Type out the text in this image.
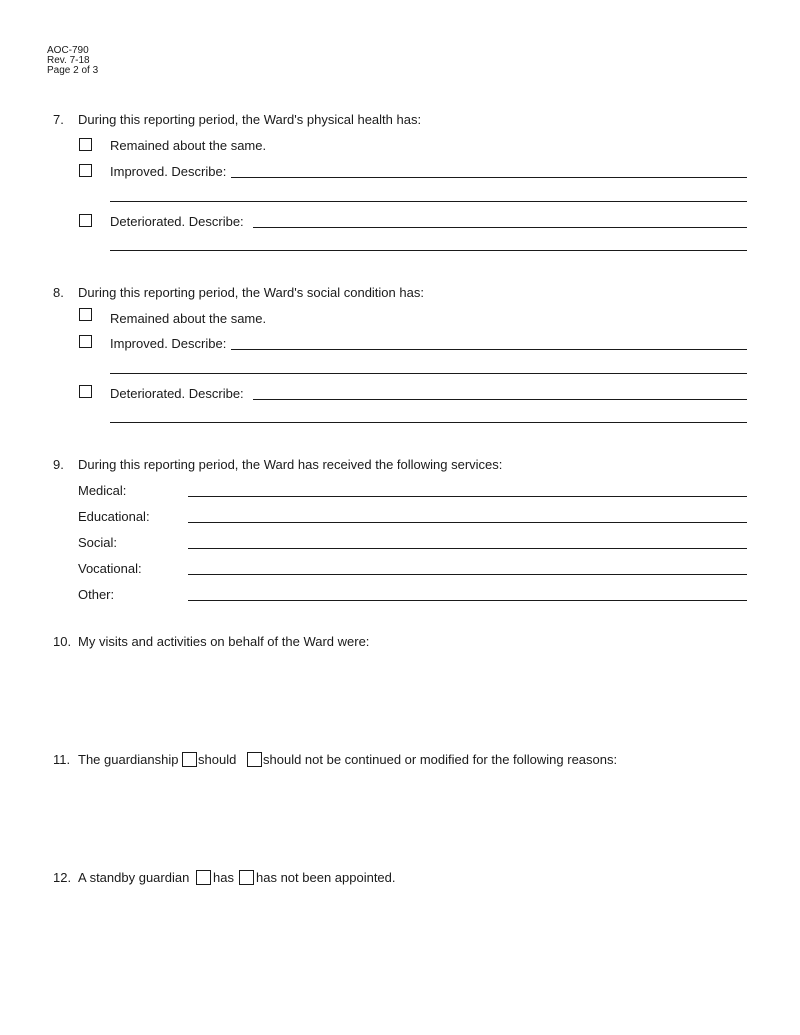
AOC-790
Rev. 7-18
Page 2 of 3
7. During this reporting period, the Ward's physical health has:
Remained about the same.
Improved. Describe:
Deteriorated. Describe:
8. During this reporting period, the Ward's social condition has:
Remained about the same.
Improved. Describe:
Deteriorated. Describe:
9. During this reporting period, the Ward has received the following services:
Medical:
Educational:
Social:
Vocational:
Other:
10. My visits and activities on behalf of the Ward were:
11. The guardianship should should not be continued or modified for the following reasons:
12. A standby guardian has has not been appointed.
